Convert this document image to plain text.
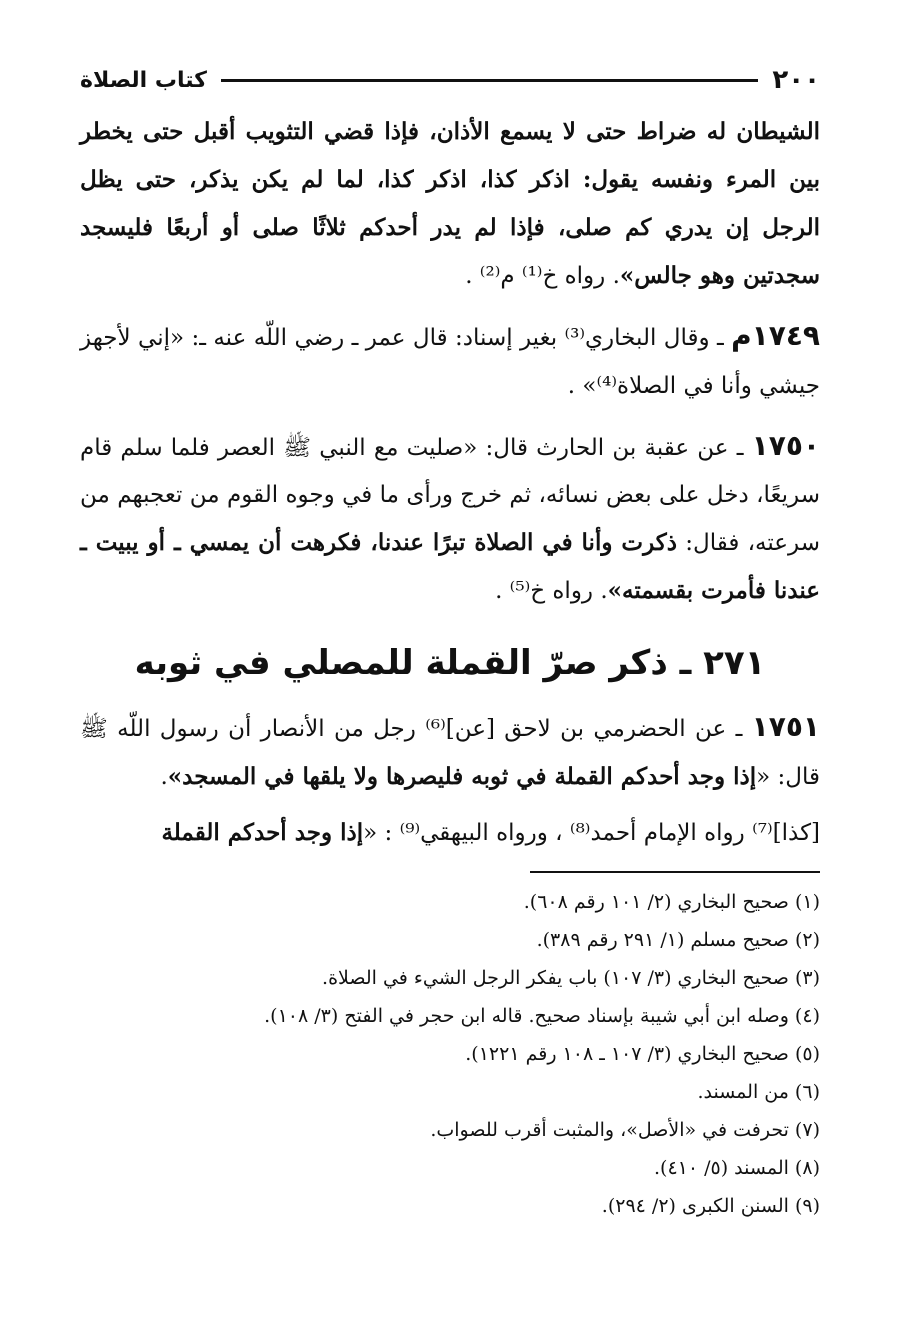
٢٠٠
كتاب الصلاة

الشيطان له ضراط حتى لا يسمع الأذان، فإذا قضي التثويب أقبل حتى يخطر بين المرء ونفسه يقول: اذكر كذا، اذكر كذا، لما لم يكن يذكر، حتى يظل الرجل إن يدري كم صلى، فإذا لم يدر أحدكم ثلاثًا صلى أو أربعًا فليسجد سجدتين وهو جالس». رواه خ⁽¹⁾ م⁽²⁾ .

١٧٤٩م ـ وقال البخاري⁽³⁾ بغير إسناد: قال عمر ـ رضي اللّه عنه ـ: «إني لأجهز جيشي وأنا في الصلاة⁽⁴⁾» .

١٧٥٠ ـ عن عقبة بن الحارث قال: «صليت مع النبي ﷺ العصر فلما سلم قام سريعًا، دخل على بعض نسائه، ثم خرج ورأى ما في وجوه القوم من تعجبهم من سرعته، فقال: ذكرت وأنا في الصلاة تبرًا عندنا، فكرهت أن يمسي ـ أو يبيت ـ عندنا فأمرت بقسمته». رواه خ⁽⁵⁾ .

٢٧١ ـ ذكر صرّ القملة للمصلي في ثوبه

١٧٥١ ـ عن الحضرمي بن لاحق [عن]⁽⁶⁾ رجل من الأنصار أن رسول اللّه ﷺ قال: «إذا وجد أحدكم القملة في ثوبه فليصرها ولا يلقها في المسجد».

[كذا]⁽⁷⁾ رواه الإمام أحمد⁽⁸⁾ ، ورواه البيهقي⁽⁹⁾ : «إذا وجد أحدكم القملة

(١) صحيح البخاري (٢/ ١٠١ رقم ٦٠٨).
(٢) صحيح مسلم (١/ ٢٩١ رقم ٣٨٩).
(٣) صحيح البخاري (٣/ ١٠٧) باب يفكر الرجل الشيء في الصلاة.
(٤) وصله ابن أبي شيبة بإسناد صحيح. قاله ابن حجر في الفتح (٣/ ١٠٨).
(٥) صحيح البخاري (٣/ ١٠٧ ـ ١٠٨ رقم ١٢٢١).
(٦) من المسند.
(٧) تحرفت في «الأصل»، والمثبت أقرب للصواب.
(٨) المسند (٥/ ٤١٠).
(٩) السنن الكبرى (٢/ ٢٩٤).
